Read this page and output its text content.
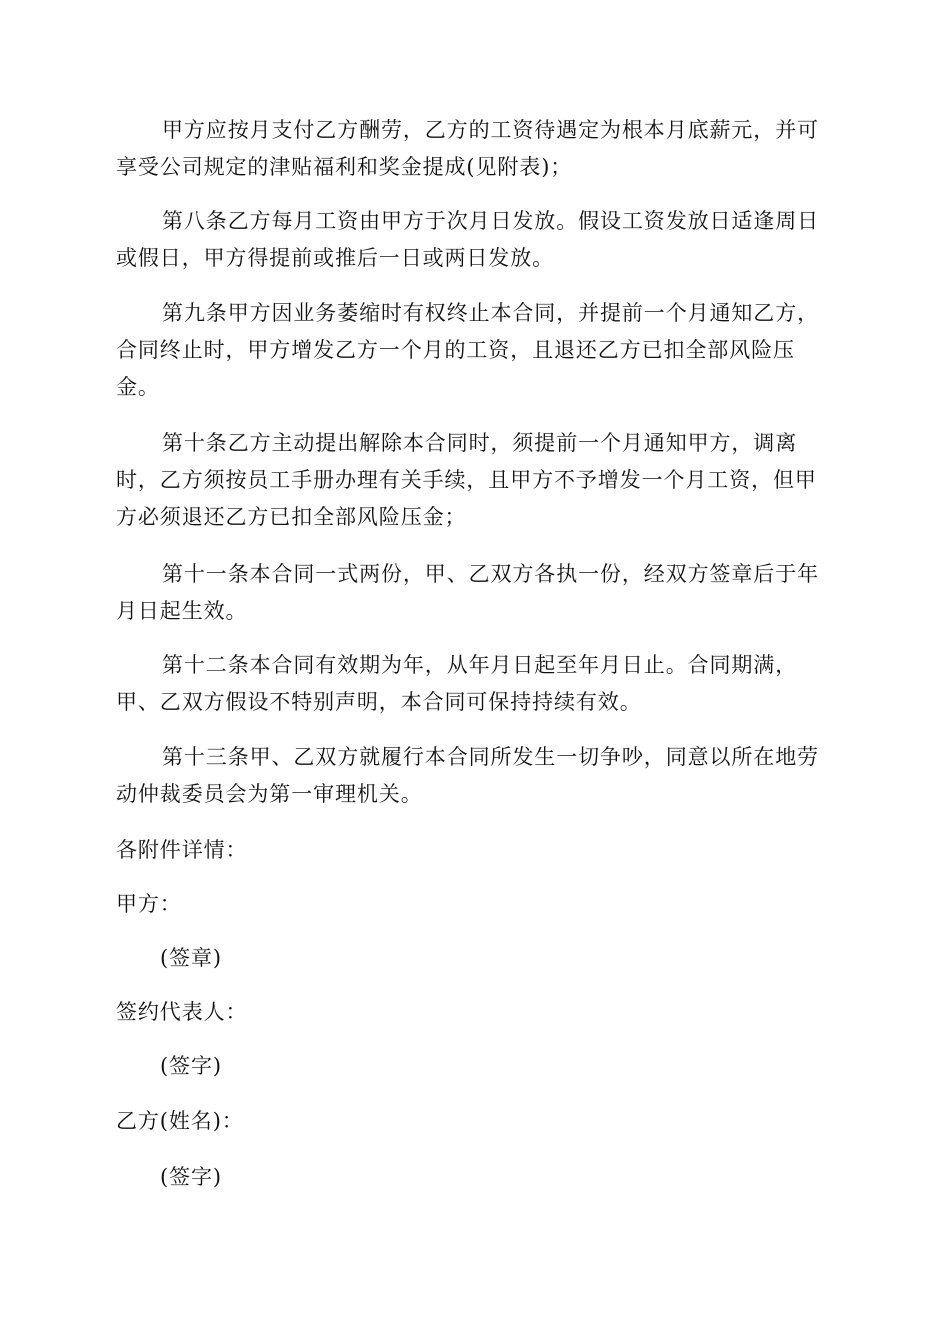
甲方应按月支付乙方酬劳，乙方的工资待遇定为根本月底薪元，并可享受公司规定的津贴福利和奖金提成(见附表)；

第八条乙方每月工资由甲方于次月日发放。假设工资发放日适逢周日或假日，甲方得提前或推后一日或两日发放。

第九条甲方因业务萎缩时有权终止本合同，并提前一个月通知乙方，合同终止时，甲方增发乙方一个月的工资，且退还乙方已扣全部风险压金。

第十条乙方主动提出解除本合同时，须提前一个月通知甲方，调离时，乙方须按员工手册办理有关手续，且甲方不予增发一个月工资，但甲方必须退还乙方已扣全部风险压金；

第十一条本合同一式两份，甲、乙双方各执一份，经双方签章后于年月日起生效。

第十二条本合同有效期为年，从年月日起至年月日止。合同期满，甲、乙双方假设不特别声明，本合同可保持持续有效。

第十三条甲、乙双方就履行本合同所发生一切争吵，同意以所在地劳动仲裁委员会为第一审理机关。

各附件详情：

甲方：

(签章)

签约代表人：

(签字)

乙方(姓名)：

(签字)
